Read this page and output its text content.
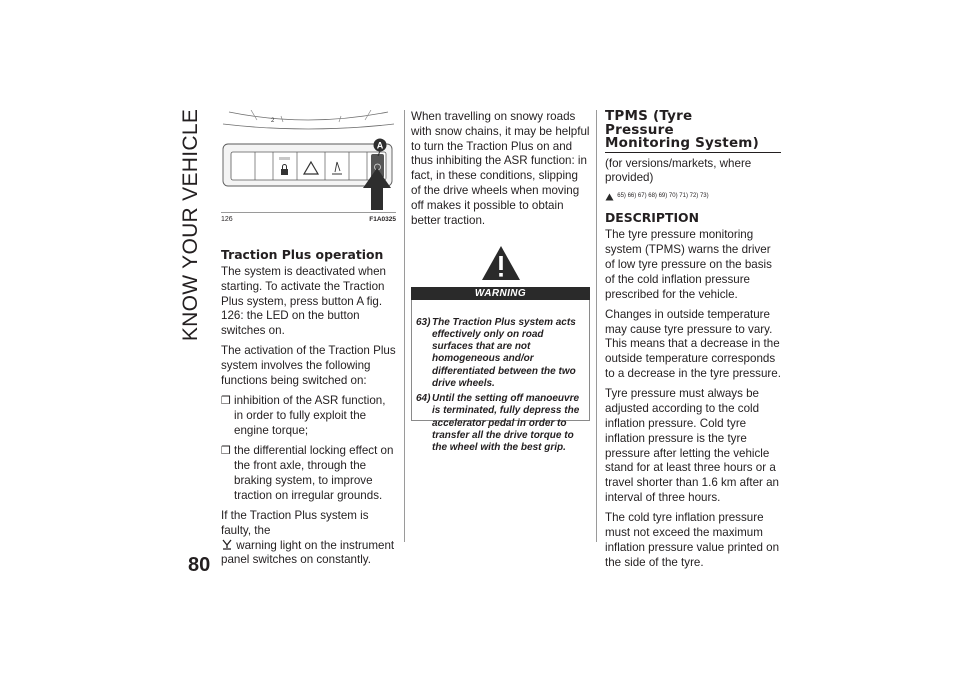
KNOW YOUR VEHICLE
80
A
2
126	F1A0325
Traction Plus operation

The system is deactivated when starting. To activate the Traction Plus system, press button A fig. 126: the LED on the button switches on.

The activation of the Traction Plus system involves the following functions being switched on:

❒ inhibition of the ASR function, in order to fully exploit the engine torque;
❒ the differential locking effect on the front axle, through the braking system, to improve traction on irregular grounds.

If the Traction Plus system is faulty, the
warning light on the instrument panel switches on constantly.

When travelling on snowy roads with snow chains, it may be helpful to turn the Traction Plus on and thus inhibiting the ASR function: in fact, in these conditions, slipping of the drive wheels when moving off makes it possible to obtain better traction.

WARNING
63) The Traction Plus system acts effectively only on road surfaces that are not homogeneous and/or differentiated between the two drive wheels.
64) Until the setting off manoeuvre is terminated, fully depress the accelerator pedal in order to transfer all the drive torque to the wheel with the best grip.
TPMS (Tyre
Pressure
Monitoring System)

(for versions/markets, where provided)

65) 66) 67) 68) 69) 70) 71) 72) 73)
DESCRIPTION

The tyre pressure monitoring system (TPMS) warns the driver of low tyre pressure on the basis of the cold inflation pressure prescribed for the vehicle.

Changes in outside temperature may cause tyre pressure to vary. This means that a decrease in the outside temperature corresponds to a decrease in the tyre pressure.

Tyre pressure must always be adjusted according to the cold inflation pressure. Cold tyre inflation pressure is the tyre pressure after letting the vehicle stand for at least three hours or a travel shorter than 1.6 km after an interval of three hours.

The cold tyre inflation pressure must not exceed the maximum inflation pressure value printed on the side of the tyre.
